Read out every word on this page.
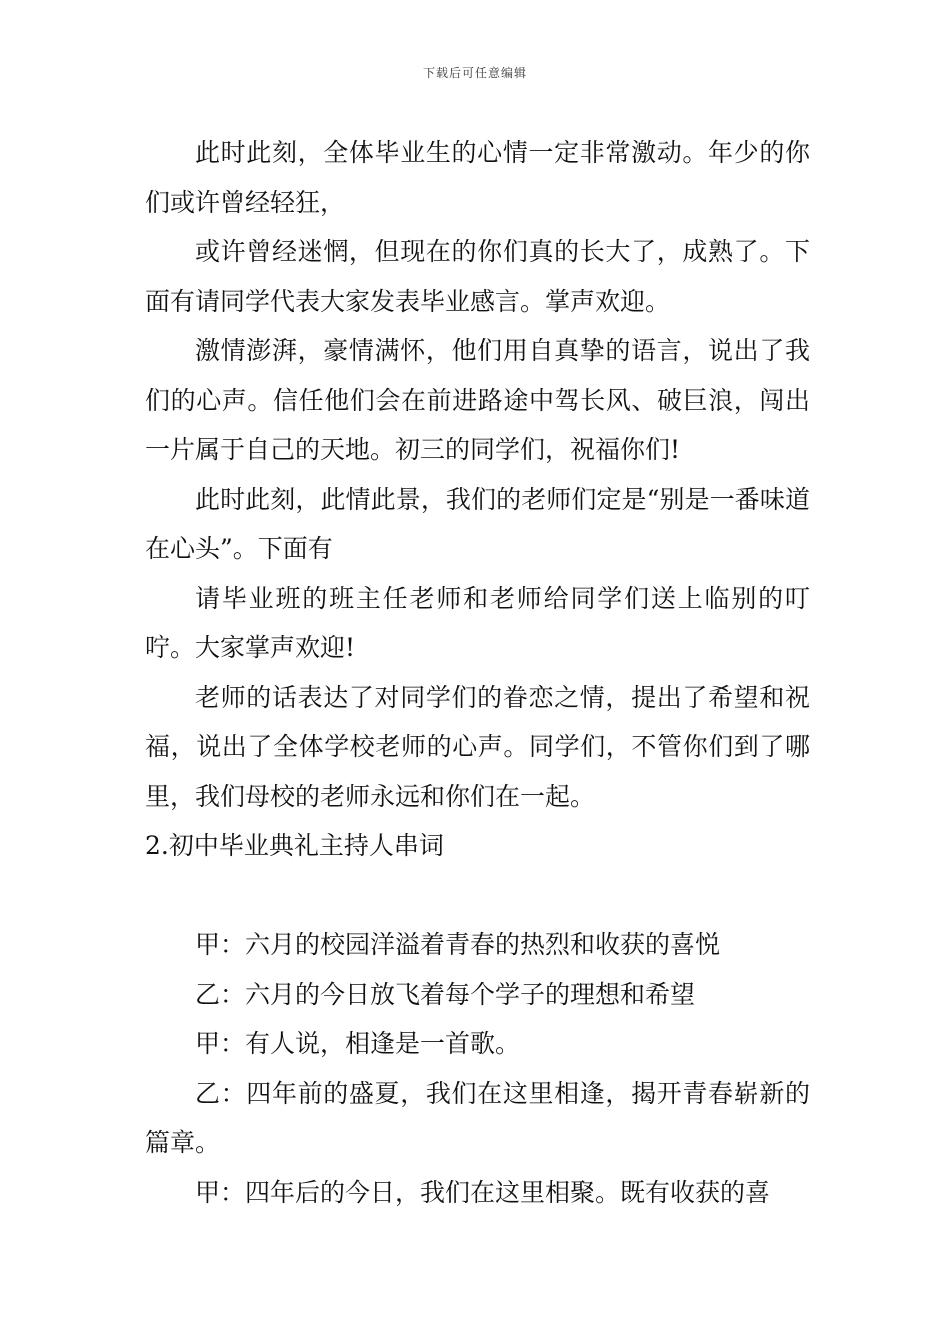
下载后可任意编辑

此时此刻，全体毕业生的心情一定非常激动。年少的你们或许曾经轻狂，

或许曾经迷惘，但现在的你们真的长大了，成熟了。下面有请同学代表大家发表毕业感言。掌声欢迎。

激情澎湃，豪情满怀，他们用自真挚的语言，说出了我们的心声。信任他们会在前进路途中驾长风、破巨浪，闯出一片属于自己的天地。初三的同学们，祝福你们!

此时此刻，此情此景，我们的老师们定是“别是一番味道在心头”。下面有

请毕业班的班主任老师和老师给同学们送上临别的叮咛。大家掌声欢迎!

老师的话表达了对同学们的眷恋之情，提出了希望和祝福，说出了全体学校老师的心声。同学们，不管你们到了哪里，我们母校的老师永远和你们在一起。

2.初中毕业典礼主持人串词

甲：六月的校园洋溢着青春的热烈和收获的喜悦

乙：六月的今日放飞着每个学子的理想和希望

甲：有人说，相逢是一首歌。

乙：四年前的盛夏，我们在这里相逢，揭开青春崭新的篇章。

甲：四年后的今日，我们在这里相聚。既有收获的喜
